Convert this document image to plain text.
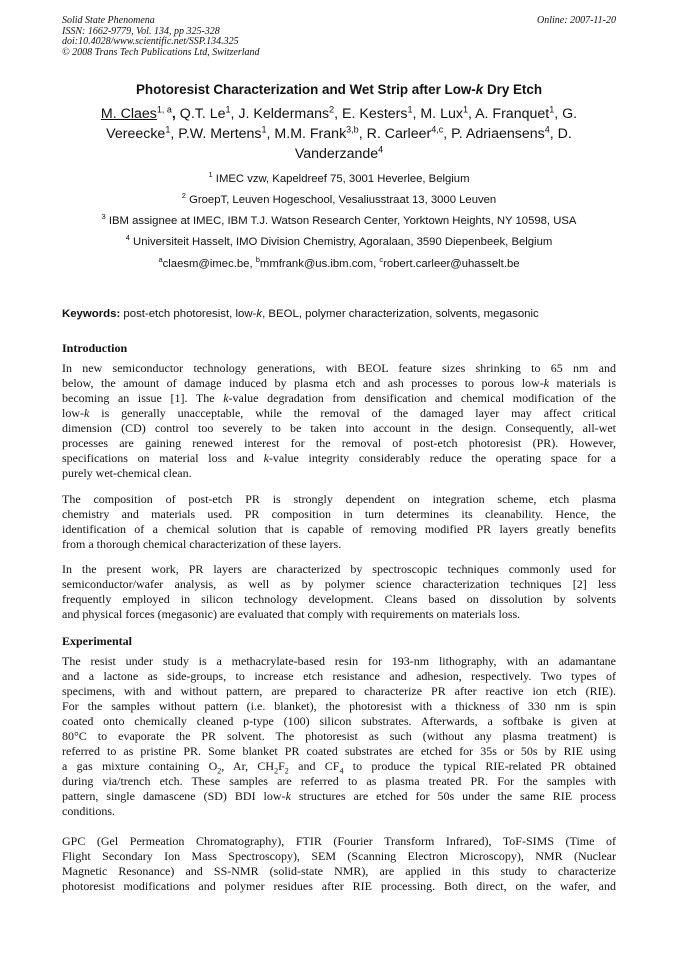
Solid State Phenomena
ISSN: 1662-9779, Vol. 134, pp 325-328
doi:10.4028/www.scientific.net/SSP.134.325
© 2008 Trans Tech Publications Ltd, Switzerland
Online: 2007-11-20
Photoresist Characterization and Wet Strip after Low-k Dry Etch
M. Claes$^{1, a}$, Q.T. Le$^1$, J. Keldermans$^2$, E. Kesters$^1$, M. Lux$^1$, A. Franquet$^1$, G.
Vereecke$^1$, P.W. Mertens$^1$, M.M. Frank$^{3,b}$, R. Carleer$^{4,c}$, P. Adriaensens$^4$, D.
Vanderzande$^4$
$^1$ IMEC vzw, Kapeldreef 75, 3001 Heverlee, Belgium
$^2$ GroepT, Leuven Hogeschool, Vesaliusstraat 13, 3000 Leuven
$^3$ IBM assignee at IMEC, IBM T.J. Watson Research Center, Yorktown Heights, NY 10598, USA
$^4$ Universiteit Hasselt, IMO Division Chemistry, Agoralaan, 3590 Diepenbeek, Belgium
$^a$claesm@imec.be, $^b$mmfrank@us.ibm.com, $^c$robert.carleer@uhasselt.be
Keywords: post-etch photoresist, low-k, BEOL, polymer characterization, solvents, megasonic
Introduction
In new semiconductor technology generations, with BEOL feature sizes shrinking to 65 nm and
below, the amount of damage induced by plasma etch and ash processes to porous low-k materials is
becoming an issue [1]. The k-value degradation from densification and chemical modification of the
low-k is generally unacceptable, while the removal of the damaged layer may affect critical
dimension (CD) control too severely to be taken into account in the design. Consequently, all-wet
processes are gaining renewed interest for the removal of post-etch photoresist (PR). However,
specifications on material loss and k-value integrity considerably reduce the operating space for a
purely wet-chemical clean.
The composition of post-etch PR is strongly dependent on integration scheme, etch plasma
chemistry and materials used. PR composition in turn determines its cleanability. Hence, the
identification of a chemical solution that is capable of removing modified PR layers greatly benefits
from a thorough chemical characterization of these layers.
In the present work, PR layers are characterized by spectroscopic techniques commonly used for
semiconductor/wafer analysis, as well as by polymer science characterization techniques [2] less
frequently employed in silicon technology development. Cleans based on dissolution by solvents
and physical forces (megasonic) are evaluated that comply with requirements on materials loss.
Experimental
The resist under study is a methacrylate-based resin for 193-nm lithography, with an adamantane
and a lactone as side-groups, to increase etch resistance and adhesion, respectively. Two types of
specimens, with and without pattern, are prepared to characterize PR after reactive ion etch (RIE).
For the samples without pattern (i.e. blanket), the photoresist with a thickness of 330 nm is spin
coated onto chemically cleaned p-type (100) silicon substrates. Afterwards, a softbake is given at
80°C to evaporate the PR solvent. The photoresist as such (without any plasma treatment) is
referred to as pristine PR. Some blanket PR coated substrates are etched for 35s or 50s by RIE using
a gas mixture containing $O_2$, Ar, $CH_2F_2$ and $CF_4$ to produce the typical RIE-related PR obtained
during via/trench etch. These samples are referred to as plasma treated PR. For the samples with
pattern, single damascene (SD) BDI low-k structures are etched for 50s under the same RIE process
conditions.
GPC (Gel Permeation Chromatography), FTIR (Fourier Transform Infrared), ToF-SIMS (Time of
Flight Secondary Ion Mass Spectroscopy), SEM (Scanning Electron Microscopy), NMR (Nuclear
Magnetic Resonance) and SS-NMR (solid-state NMR), are applied in this study to characterize
photoresist modifications and polymer residues after RIE processing. Both direct, on the wafer, and
